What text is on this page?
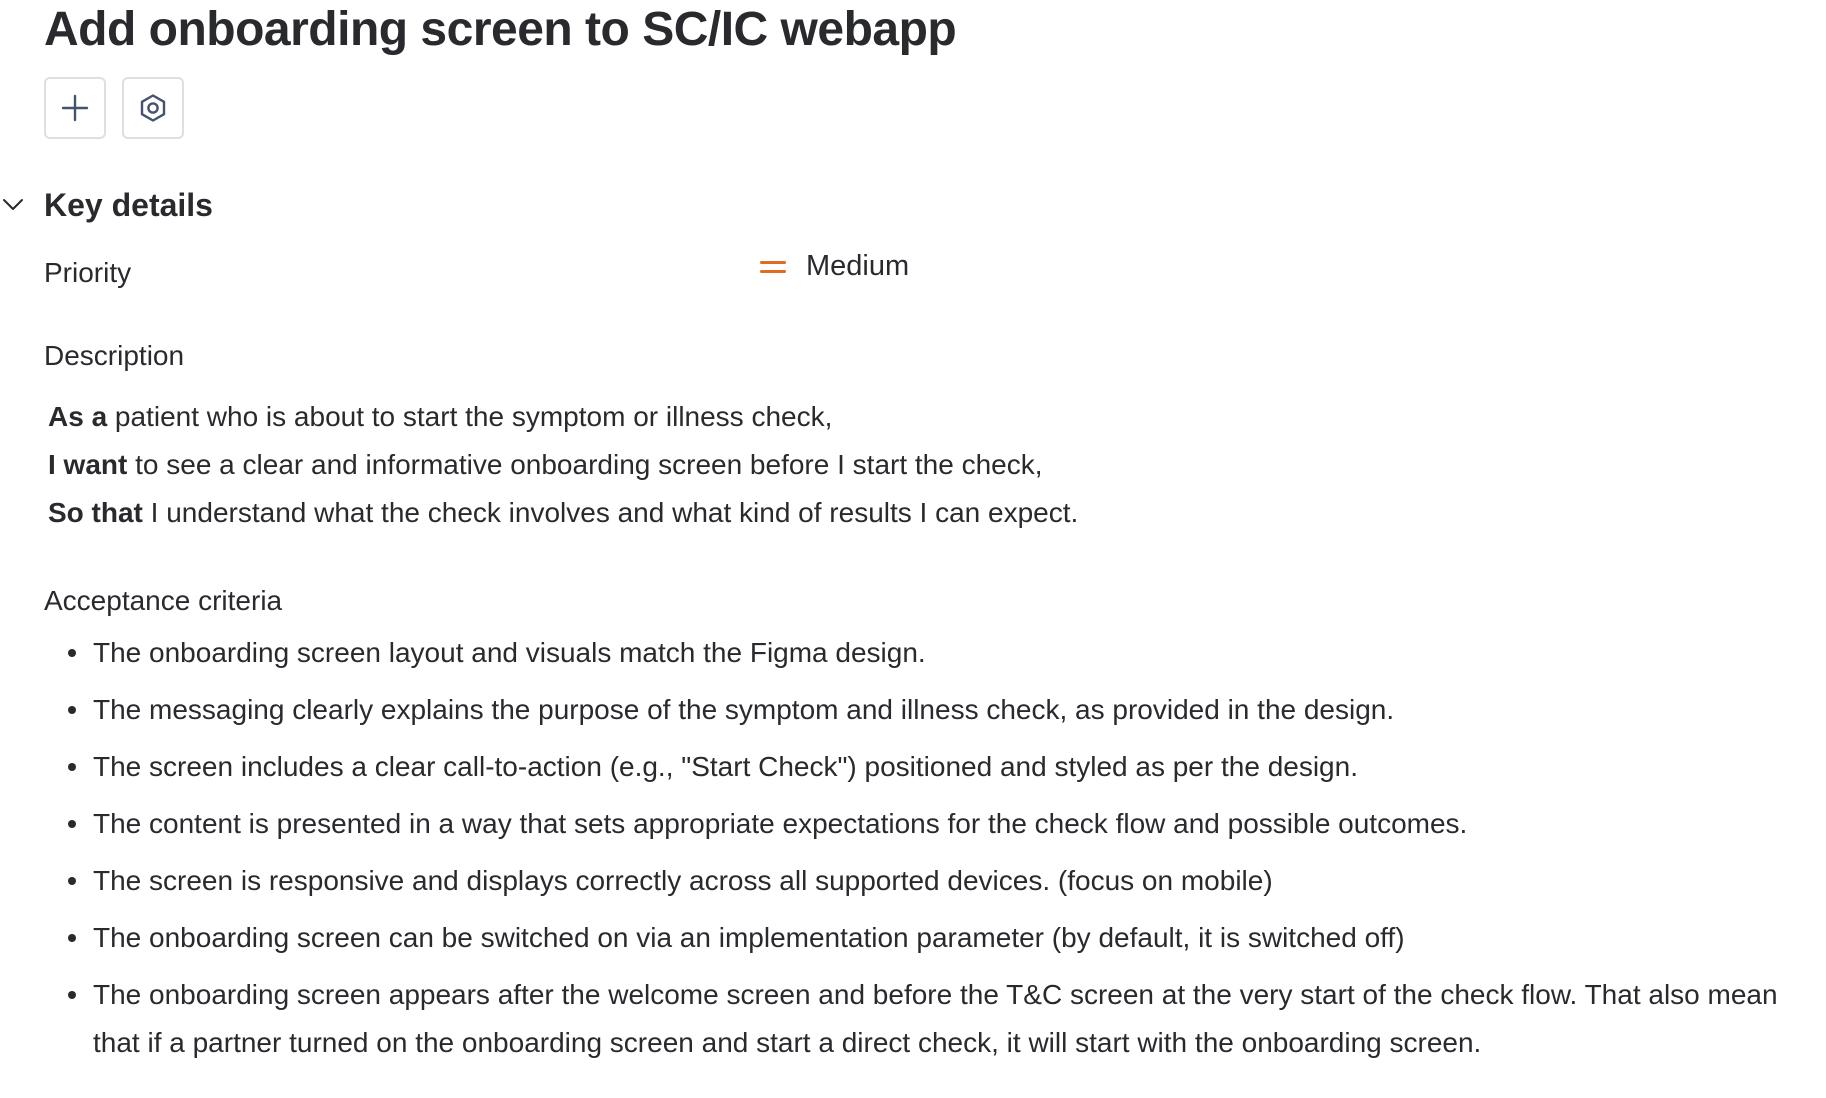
Add onboarding screen to SC/IC webapp
Key details
Priority	Medium
Description
As a patient who is about to start the symptom or illness check,
I want to see a clear and informative onboarding screen before I start the check,
So that I understand what the check involves and what kind of results I can expect.
Acceptance criteria
The onboarding screen layout and visuals match the Figma design.
The messaging clearly explains the purpose of the symptom and illness check, as provided in the design.
The screen includes a clear call-to-action (e.g., "Start Check") positioned and styled as per the design.
The content is presented in a way that sets appropriate expectations for the check flow and possible outcomes.
The screen is responsive and displays correctly across all supported devices. (focus on mobile)
The onboarding screen can be switched on via an implementation parameter (by default, it is switched off)
The onboarding screen appears after the welcome screen and before the T&C screen at the very start of the check flow. That also mean that if a partner turned on the onboarding screen and start a direct check, it will start with the onboarding screen.
